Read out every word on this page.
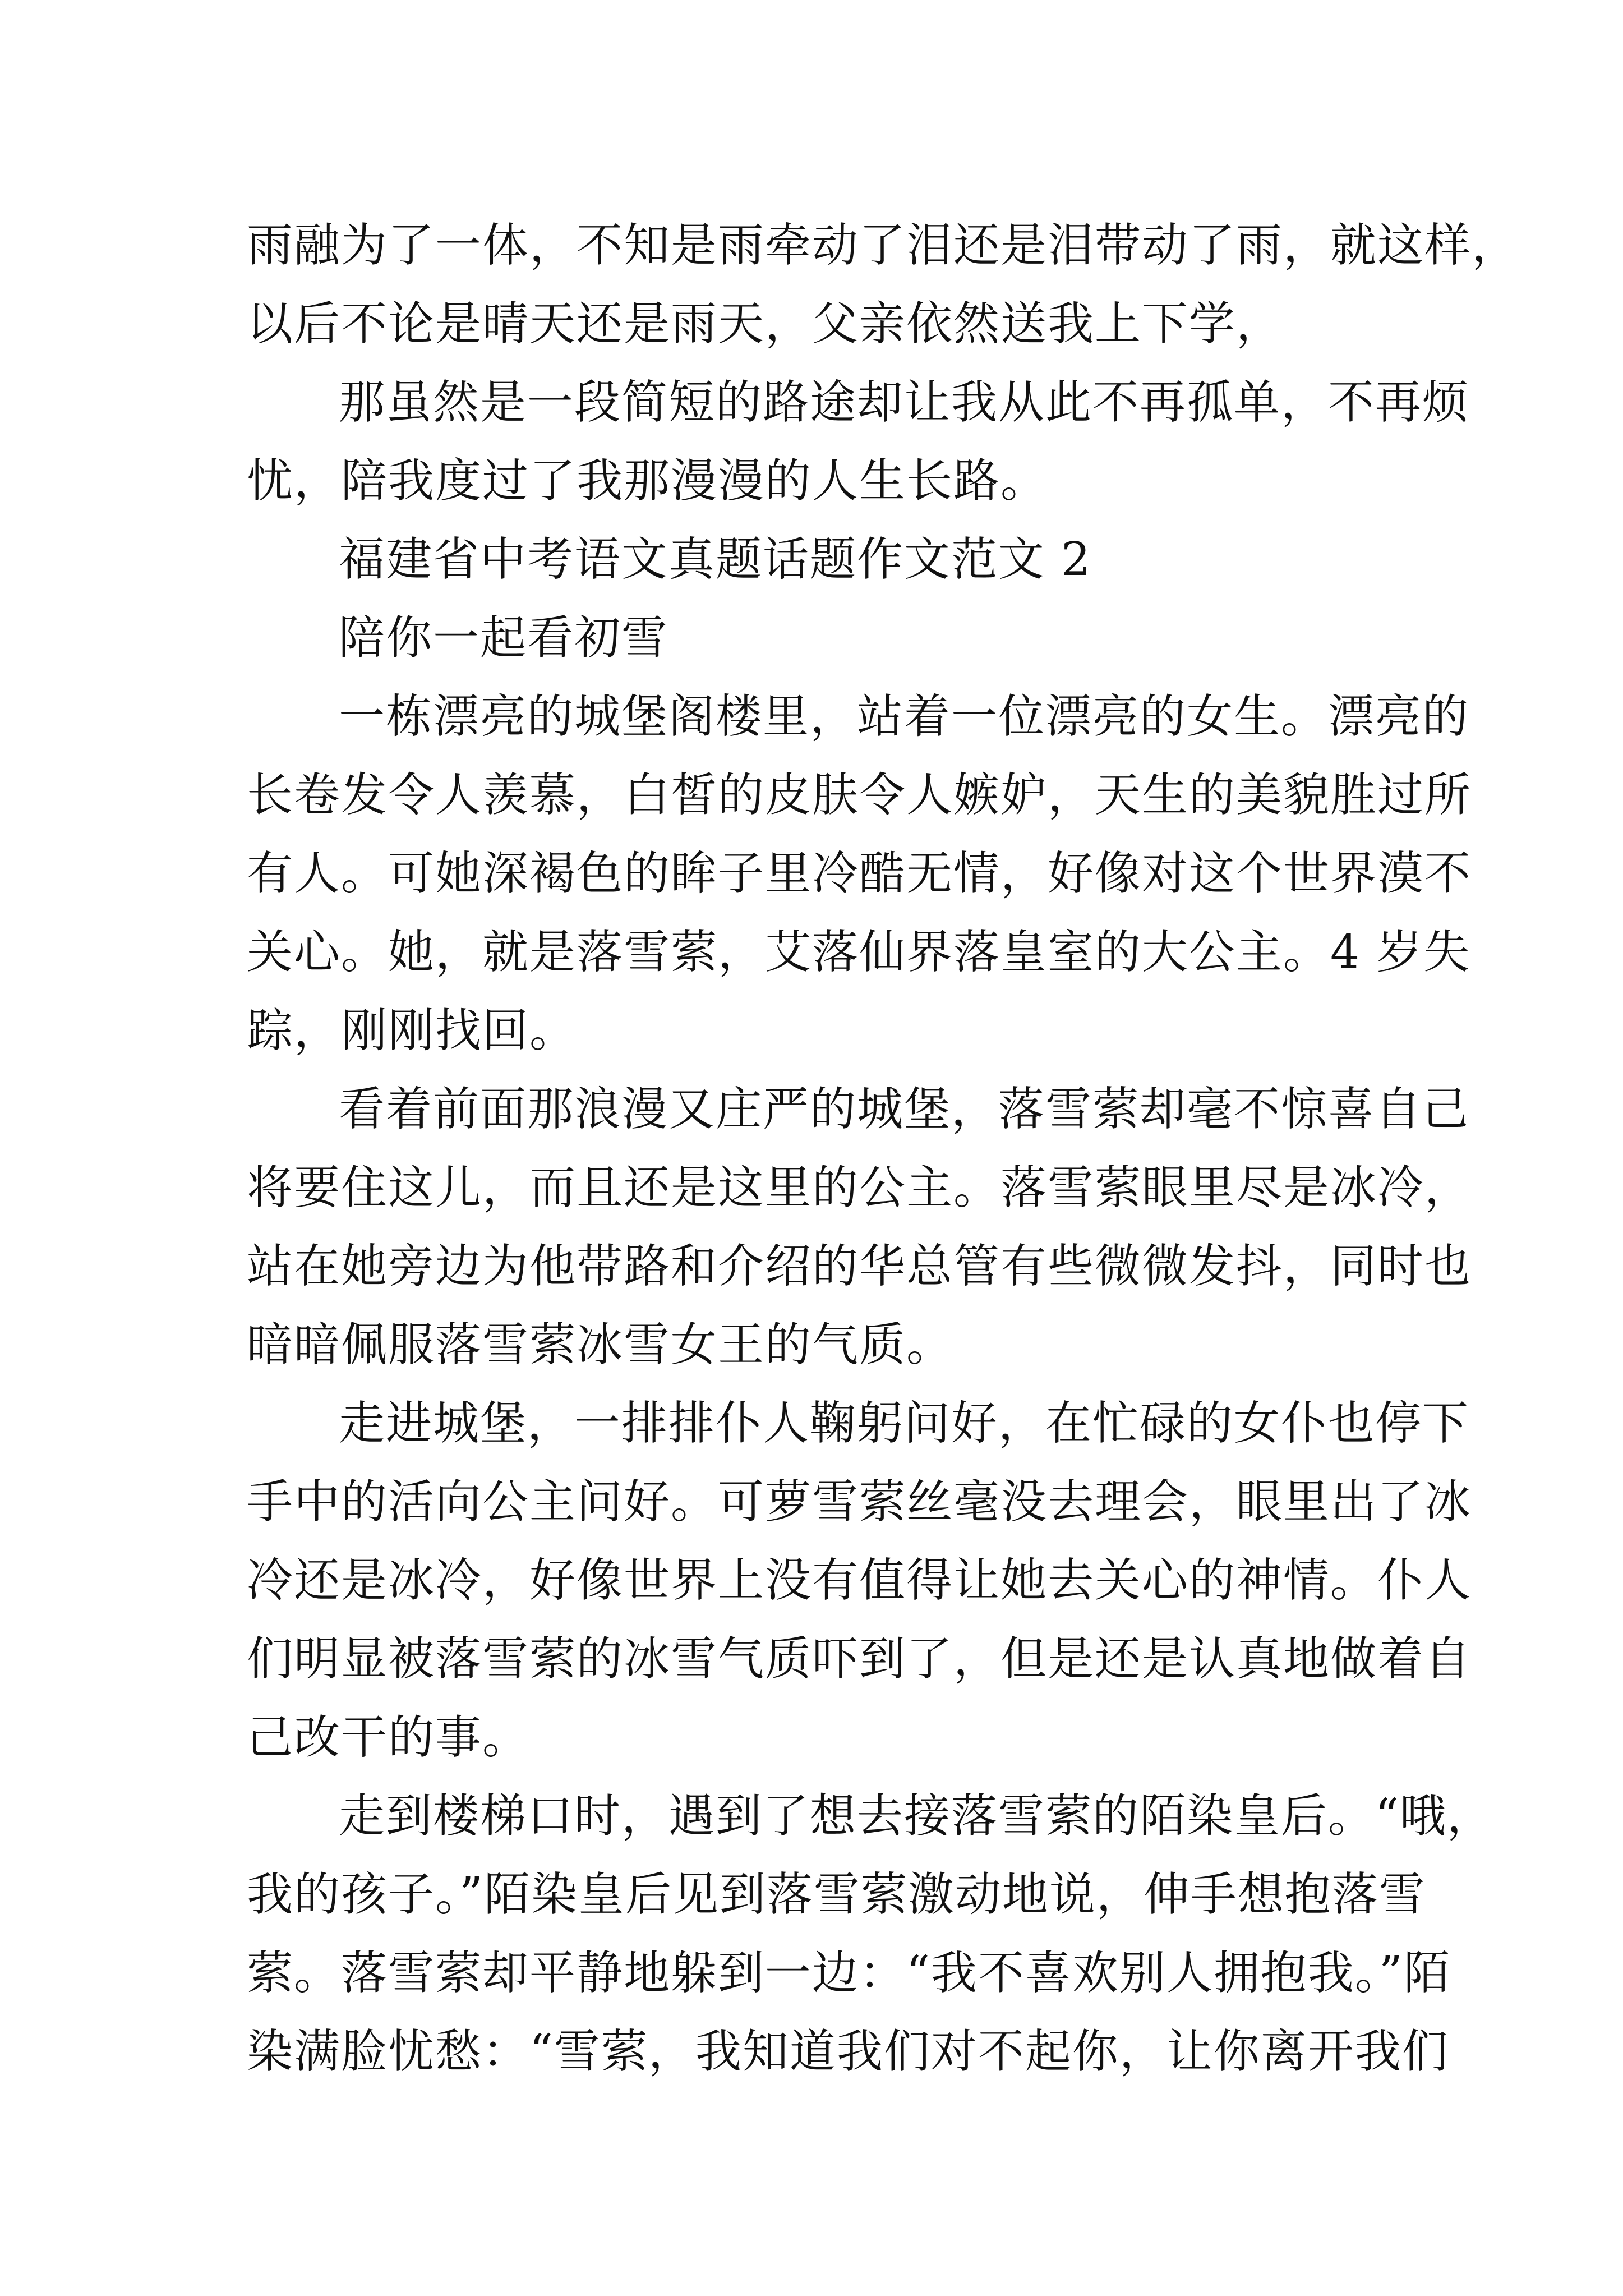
雨融为了一体，不知是雨牵动了泪还是泪带动了雨，就这样，
以后不论是晴天还是雨天，父亲依然送我上下学，
那虽然是一段简短的路途却让我从此不再孤单，不再烦
忧，陪我度过了我那漫漫的人生长路。
福建省中考语文真题话题作文范文 2
陪你一起看初雪
一栋漂亮的城堡阁楼里，站着一位漂亮的女生。漂亮的
长卷发令人羡慕，白皙的皮肤令人嫉妒，天生的美貌胜过所
有人。可她深褐色的眸子里冷酷无情，好像对这个世界漠不
关心。她，就是落雪萦，艾落仙界落皇室的大公主。4 岁失
踪，刚刚找回。
看着前面那浪漫又庄严的城堡，落雪萦却毫不惊喜自己
将要住这儿，而且还是这里的公主。落雪萦眼里尽是冰冷，
站在她旁边为他带路和介绍的华总管有些微微发抖，同时也
暗暗佩服落雪萦冰雪女王的气质。
走进城堡，一排排仆人鞠躬问好，在忙碌的女仆也停下
手中的活向公主问好。可萝雪萦丝毫没去理会，眼里出了冰
冷还是冰冷，好像世界上没有值得让她去关心的神情。仆人
们明显被落雪萦的冰雪气质吓到了，但是还是认真地做着自
己改干的事。
走到楼梯口时，遇到了想去接落雪萦的陌染皇后。“哦，
我的孩子。”陌染皇后见到落雪萦激动地说，伸手想抱落雪
萦。落雪萦却平静地躲到一边：“我不喜欢别人拥抱我。”陌
染满脸忧愁：“雪萦，我知道我们对不起你，让你离开我们
